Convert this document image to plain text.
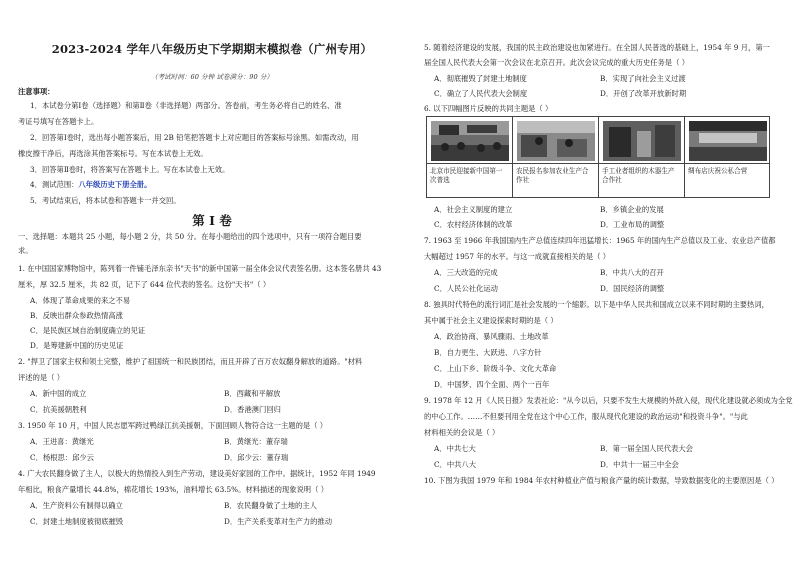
2023-2024 学年八年级历史下学期期末模拟卷（广州专用）
（考试时间：60 分钟 试卷满分：90 分）
注意事项：
1．本试卷分第Ⅰ卷（选择题）和第Ⅱ卷（非选择题）两部分。答卷前，考生务必将自己的姓名、准
考证号填写在答题卡上。
2．回答第Ⅰ卷时，选出每小题答案后，用 2B 铅笔把答题卡上对应题目的答案标号涂黑。如需改动，用
橡皮擦干净后，再选涂其他答案标号。写在本试卷上无效。
3．回答第Ⅱ卷时，将答案写在答题卡上。写在本试卷上无效。
4．测试范围：八年级历史下册全册。
5．考试结束后，将本试卷和答题卡一并交回。
第 I 卷
一、选择题：本题共 25 小题，每小题 2 分，共 50 分。在每小题给出的四个选项中，只有一项符合题目要
求。
1. 在中国国家博物馆中，陈列着一件铺毛泽东亲书"天书"的新中国第一届全体会议代表签名册。这本签名册共 43
厘米，厚 32.5 厘米，共 82 页，记下了 644 位代表的签名。这份"天书"（ ）
A．体现了革命成果的来之不易
B．反映出群众参政热情高涨
C．是民族区域自治制度确立的见证
D．是筹建新中国的历史见证
2. "捍卫了国家主权和领土完整，维护了祖国统一和民族团结，而且开辟了百万农奴翻身解放的道路。"材料
评述的是（ ）
A．新中国的成立	B．西藏和平解放
C．抗美援朝胜利	D．香港澳门回归
3. 1950 年 10 月，中国人民志愿军跨过鸭绿江抗美援朝，下面回顾人物符合这一主题的是（ ）
A．王进喜：黄继光	B．黄继光：董存瑞
C．杨根思：邱少云	D．邱少云：董存瑞
4. 广大农民翻身做了主人，以极大的热情投入到生产劳动，建设美好家园的工作中。据统计，1952 年同 1949
年相比，粮食产量增长 44.8%，棉花增长 193%，油料增长 63.5%。材料描述的现象说明（ ）
A．生产资料公有制得以确立	B．农民翻身做了土地的主人
C．封建土地制度被彻底摧毁	D．生产关系变革对生产力的推动
5. 随着经济建设的发展，我国的民主政治建设也加紧进行。在全国人民普选的基础上，1954 年 9 月，第一
届全国人民代表大会第一次会议在北京召开。此次会议完成的重大历史任务是（ ）
A．彻底摧毁了封建土地制度	B．实现了向社会主义过渡
C．确立了人民代表大会制度	D．开创了改革开放新时期
6. 以下四幅图片反映的共同主题是（ ）
北京市民迎接新中国第一次普选
农民报名参加农业生产合作社
手工业者组织的木器生产合作社
绸布店庆祝公私合营
A．社会主义制度的建立	B．乡镇企业的发展
C．农村经济体制的改革	D．工业布局的调整
7. 1963 至 1966 年我国国内生产总值连续四年迅猛增长：1965 年的国内生产总值以及工业、农业总产值都
大幅超过 1957 年的水平。与这一成就直接相关的是（ ）
A．三大改造的完成	B．中共八大的召开
C．人民公社化运动	D．国民经济的调整
8. 独具时代特色的流行词汇是社会发展的一个缩影。以下是中华人民共和国成立以来不同时期的主要热词，
其中属于社会主义建设探索时期的是（ ）
A．政治协商、暴风骤雨、土地改革
B．自力更生、大跃进、八字方针
C．上山下乡、阶级斗争、文化大革命
D．中国梦、四个全面、两个一百年
9. 1978 年 12 月《人民日报》发表社论："从今以后，只要不发生大规模的外敌入侵，现代化建设就必须成为全党
的中心工作。……不但要刊用全党在这个中心工作，服从现代化建设的政治运动"和投资斗争"。"与此
材料相关的会议是（ ）
A．中共七大	B．第一届全国人民代表大会
C．中共八大	D．中共十一届三中全会
10. 下图为我国 1979 年和 1984 年农村种植业产值与粮食产量的统计数据，导致数据变化的主要原因是（ ）
